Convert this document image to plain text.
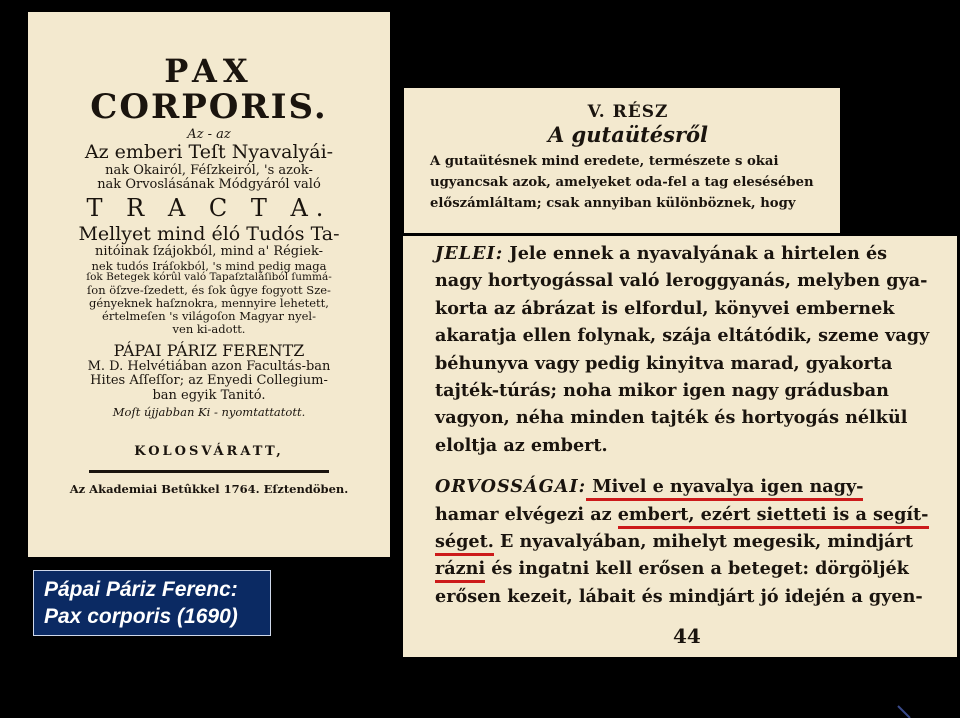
PAX
CORPORIS.
Az - az
Az emberi Teſt Nyavalyái-
nak Okairól, Féſzkeiról, 's azok-
nak Orvoslásának Módgyáról való
T R A C T A.
Mellyet mind éló Tudós Ta-
nitóinak ſzájokból, mind a' Régiek-
nek tudós Iráſokból, 's mind pedig maga
ſok Betegek kórûl való Tapaſztaláſiból ſummá-
ſon öſzve-ſzedett, és ſok ûgye fogyott Sze-
gényeknek haſznokra, mennyire lehetett,
értelmeſen 's világoſon Magyar nyel-
ven ki-adott.
PÁPAI PÁRIZ FERENTZ
M. D. Helvétiában azon Facultás-ban
Hites Aſſeſſor; az Enyedi Collegium-
ban egyik Tanitó.
Moſt újjabban Ki - nyomtattatott.
KOLOSVÁRATT,
Az Akademiai Betûkkel 1764. Eſztendöben.
V. RÉSZ
A gutaütésről
A gutaütésnek mind eredete, természete s okai
ugyancsak azok, amelyeket oda-fel a tag elesésében
előszámláltam; csak annyiban különböznek, hogy
JELEI: Jele ennek a nyavalyának a hirtelen és
nagy hortyogással való leroggyanás, melyben gya-
korta az ábrázat is elfordul, könyvei embernek
akaratja ellen folynak, szája eltátódik, szeme vagy
béhunyva vagy pedig kinyitva marad, gyakorta
tajték-túrás; noha mikor igen nagy grádusban
vagyon, néha minden tajték és hortyogás nélkül
eloltja az embert.
ORVOSSÁGAI: Mivel e nyavalya igen nagy-
hamar elvégezi az embert, ezért sietteti is a segít-
séget. E nyavalyában, mihelyt megesik, mindjárt
rázni és ingatni kell erősen a beteget: dörgöljék
erősen kezeit, lábait és mindjárt jó idején a gyen-
44
Pápai Páriz Ferenc:
Pax corporis (1690)
